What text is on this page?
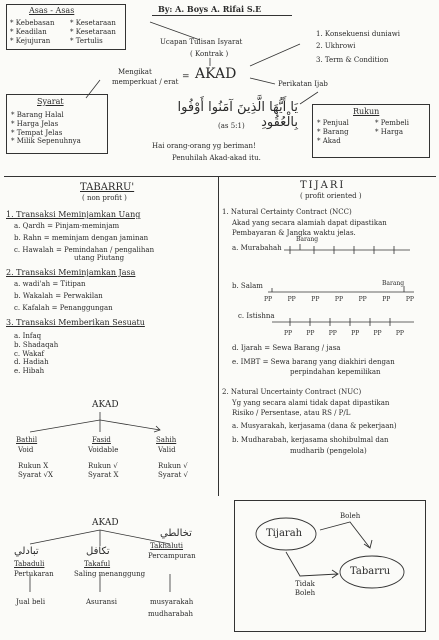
By: A. Boys A. Rifai S.E
Asas - Asas
* Kebebasan	* Kesetaraan
* Keadilan	* Kesetaraan
* Kejujuran	* Tertulis	Ucapan Tulisan Isyarat
( Kontrak )
Mengikat
memperkuat / erat = AKAD
Perikatan Ijab
1. Konsekuensi duniawi
2. Ukhrowi
3. Term & Condition
Syarat
* Barang Halal
* Harga Jelas
* Tempat Jelas
* Milik Sepenuhnya
يَا أَيُّهَا الَّذِينَ آمَنُوا أَوْفُوا بِالْعُقُودِ
(as 5:1)
Hai orang-orang yg beriman!
Penuhilah Akad-akad itu.
Rukun
* Penjual	* Pembeli
* Barang	* Harga
* Akad
TABARRU'
( non profit )
1. Transaksi Meminjamkan Uang
a. Qardh = Pinjam-meminjam
b. Rahn = meminjam dengan jaminan
c. Hawalah = Pemindahan / pengalihan
utang Piutang
2. Transaksi Meminjamkan Jasa
a. wadi'ah = Titipan
b. Wakalah = Perwakilan
c. Kafalah = Penanggungan
3. Transaksi Memberikan Sesuatu
a. Infaq
b. Shadaqah
c. Wakaf
d. Hadiah
e. Hibah
TIJARI
( profit oriented )
1. Natural Certainty Contract (NCC)
Akad yang secara alamiah dapat dipastikan
Pembayaran & Jangka waktu jelas.
a. Murabahah
Barang
b. Salam	Barang
PP	PP	PP	PP	PP	PP	PP
c. Istishna
PP PP PP PP PP PP
d. Ijarah = Sewa Barang / jasa
e. IMBT = Sewa barang yang diakhiri dengan
perpindahan kepemilikan
2. Natural Uncertainty Contract (NUC)
Yg yang secara alami tidak dapat dipastikan
Risiko / Persentase, atau RS / P/L
a. Musyarakah, kerjasama (dana & pekerjaan)
b. Mudharabah, kerjasama shohibulmal dan
mudharib (pengelola)
AKAD
Bathil
Void
Fasid
Voidable
Sahih
Valid
Rukun X
Syarat √X
Rukun √
Syarat X
Rukun √
Syarat √
AKAD
تبادلي
Tabaduli
Pertukaran
تكافل
Takaful
Saling menanggung
تخالطي
Takhaluti
Percampuran
Jual beli	Asuransi	musyarakah
mudharabah
Tijarah
Tabarru
Boleh
Tidak Boleh
